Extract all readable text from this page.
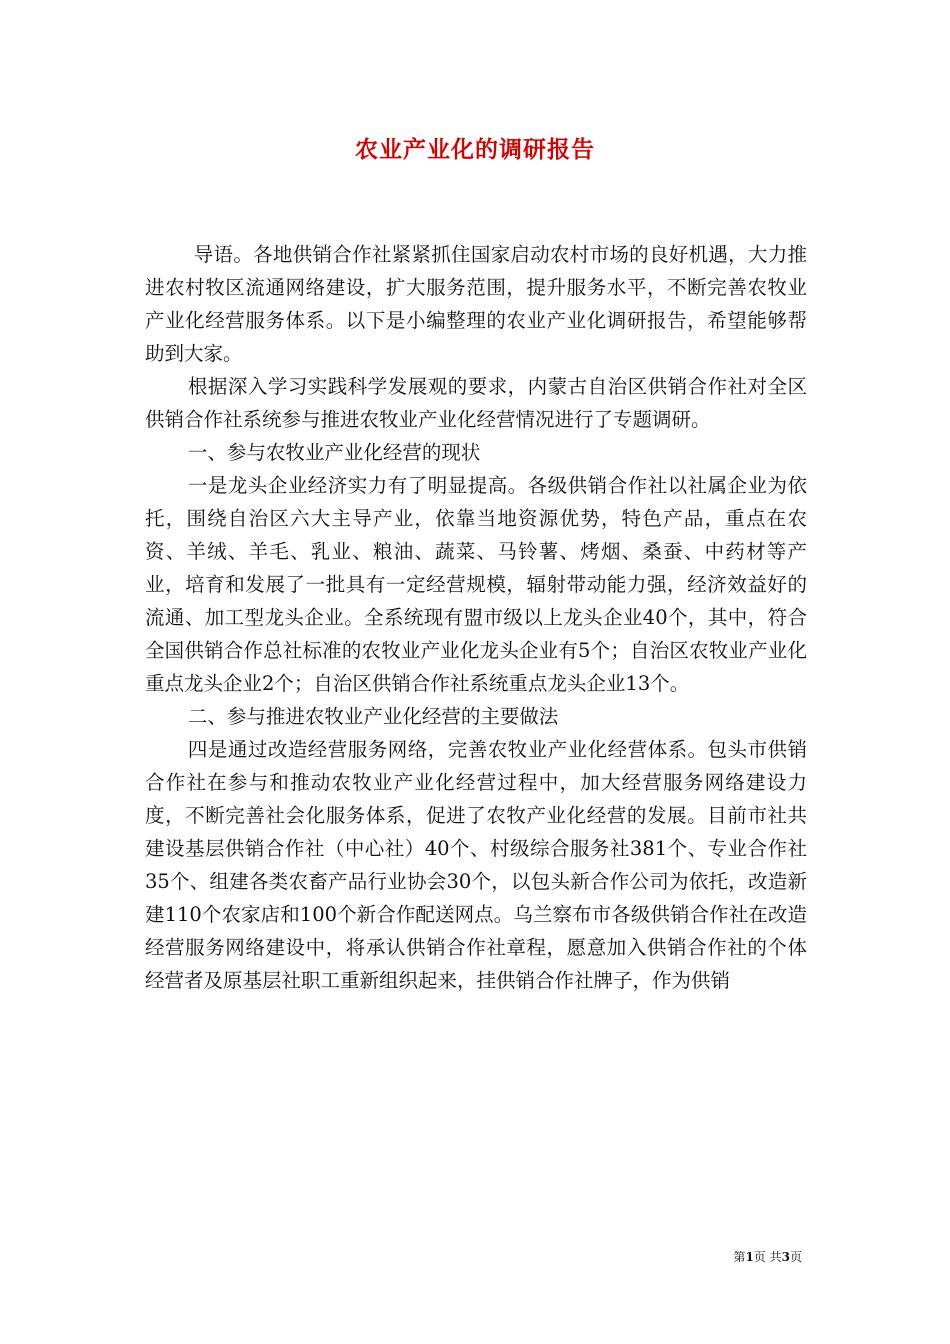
农业产业化的调研报告

导语。各地供销合作社紧紧抓住国家启动农村市场的良好机遇，大力推进农村牧区流通网络建设，扩大服务范围，提升服务水平，不断完善农牧业产业化经营服务体系。以下是小编整理的农业产业化调研报告，希望能够帮助到大家。

根据深入学习实践科学发展观的要求，内蒙古自治区供销合作社对全区供销合作社系统参与推进农牧业产业化经营情况进行了专题调研。

一、参与农牧业产业化经营的现状

一是龙头企业经济实力有了明显提高。各级供销合作社以社属企业为依托，围绕自治区六大主导产业，依靠当地资源优势，特色产品，重点在农资、羊绒、羊毛、乳业、粮油、蔬菜、马铃薯、烤烟、桑蚕、中药材等产业，培育和发展了一批具有一定经营规模，辐射带动能力强，经济效益好的流通、加工型龙头企业。全系统现有盟市级以上龙头企业40个，其中，符合全国供销合作总社标准的农牧业产业化龙头企业有5个；自治区农牧业产业化重点龙头企业2个；自治区供销合作社系统重点龙头企业13个。

二、参与推进农牧业产业化经营的主要做法

四是通过改造经营服务网络，完善农牧业产业化经营体系。包头市供销合作社在参与和推动农牧业产业化经营过程中，加大经营服务网络建设力度，不断完善社会化服务体系，促进了农牧产业化经营的发展。目前市社共建设基层供销合作社（中心社）40个、村级综合服务社381个、专业合作社35个、组建各类农畜产品行业协会30个，以包头新合作公司为依托，改造新建110个农家店和100个新合作配送网点。乌兰察布市各级供销合作社在改造经营服务网络建设中，将承认供销合作社章程，愿意加入供销合作社的个体经营者及原基层社职工重新组织起来，挂供销合作社牌子，作为供销

第1页 共3页
